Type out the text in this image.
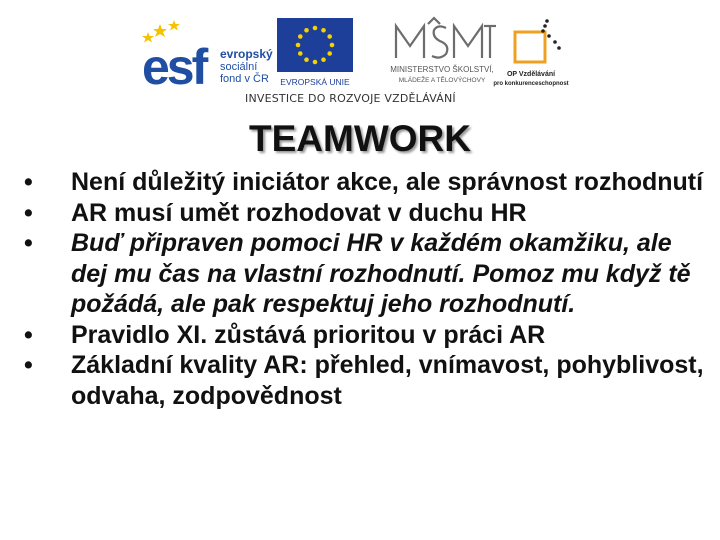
esf evropský
sociální
fond v ČR EVROPSKÁ UNIE
MINISTERSTVO ŠKOLSTVÍ,
MLÁDEŽE A TĚLOVÝCHOVY
OP Vzdělávání
pro konkurenceschopnost
INVESTICE DO ROZVOJE VZDĚLÁVÁNÍ
TEAMWORK
• Není důležitý iniciátor akce, ale správnost rozhodnutí
• AR musí umět rozhodovat v duchu HR
• Buď připraven pomoci HR v každém okamžiku, ale dej mu čas na vlastní rozhodnutí. Pomoz mu když tě požádá, ale pak respektuj jeho rozhodnutí.
• Pravidlo XI. zůstává prioritou v práci AR
• Základní kvality AR: přehled, vnímavost, pohyblivost, odvaha, zodpovědnost
